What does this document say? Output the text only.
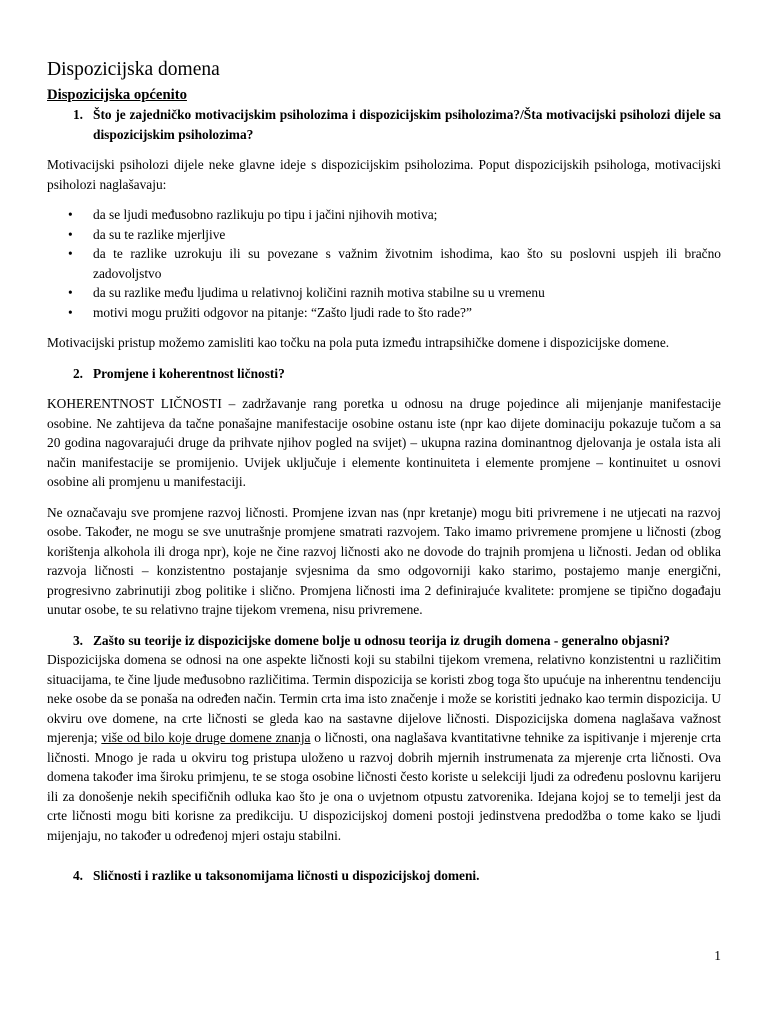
Dispozicijska domena
Dispozicijska općenito
1. Što je zajedničko motivacijskim psiholozima i dispozicijskim psiholozima?/Šta motivacijski psiholozi dijele sa dispozicijskim psiholozima?

Motivacijski psiholozi dijele neke glavne ideje s dispozicijskim psiholozima. Poput dispozicijskih psihologa, motivacijski psiholozi naglašavaju:

• da se ljudi međusobno razlikuju po tipu i jačini njihovih motiva;
• da su te razlike mjerljive
• da te razlike uzrokuju ili su povezane s važnim životnim ishodima, kao što su poslovni uspjeh ili bračno zadovoljstvo
• da su razlike među ljudima u relativnoj količini raznih motiva stabilne su u vremenu
• motivi mogu pružiti odgovor na pitanje: “Zašto ljudi rade to što rade?”

Motivacijski pristup možemo zamisliti kao točku na pola puta između intrapsihičke domene i dispozicijske domene.

2. Promjene i koherentnost ličnosti?

KOHERENTNOST LIČNOSTI – zadržavanje rang poretka u odnosu na druge pojedince ali mijenjanje manifestacije osobine. Ne zahtijeva da tačne ponašajne manifestacije osobine ostanu iste (npr kao dijete dominaciju pokazuje tučom a sa 20 godina nagovarajući druge da prihvate njihov pogled na svijet) – ukupna razina dominantnog djelovanja je ostala ista ali način manifestacije se promijenio. Uvijek uključuje i elemente kontinuiteta i elemente promjene – kontinuitet u osnovi osobine ali promjenu u manifestaciji.

Ne označavaju sve promjene razvoj ličnosti. Promjene izvan nas (npr kretanje) mogu biti privremene i ne utjecati na razvoj osobe. Također, ne mogu se sve unutrašnje promjene smatrati razvojem. Tako imamo privremene promjene u ličnosti (zbog korištenja alkohola ili droga npr), koje ne čine razvoj ličnosti ako ne dovode do trajnih promjena u ličnosti. Jedan od oblika razvoja ličnosti – konzistentno postajanje svjesnima da smo odgovorniji kako starimo, postajemo manje energični, progresivno zabrinutiji zbog politike i slično. Promjena ličnosti ima 2 definirajuće kvalitete: promjene se tipično događaju unutar osobe, te su relativno trajne tijekom vremena, nisu privremene.

3. Zašto su teorije iz dispozicijske domene bolje u odnosu teorija iz drugih domena - generalno objasni?

Dispozicijska domena se odnosi na one aspekte ličnosti koji su stabilni tijekom vremena, relativno konzistentni u različitim situacijama, te čine ljude međusobno različitima. Termin dispozicija se koristi zbog toga što upućuje na inherentnu tendenciju neke osobe da se ponaša na određen način. Termin crta ima isto značenje i može se koristiti jednako kao termin dispozicija. U okviru ove domene, na crte ličnosti se gleda kao na sastavne dijelove ličnosti. Dispozicijska domena naglašava važnost mjerenja; više od bilo koje druge domene znanja o ličnosti, ona naglašava kvantitativne tehnike za ispitivanje i mjerenje crta ličnosti. Mnogo je rada u okviru tog pristupa uloženo u razvoj dobrih mjernih instrumenata za mjerenje crta ličnosti. Ova domena također ima široku primjenu, te se stoga osobine ličnosti često koriste u selekciji ljudi za određenu poslovnu karijeru ili za donošenje nekih specifičnih odluka kao što je ona o uvjetnom otpustu zatvorenika. Idejana kojoj se to temelji jest da crte ličnosti mogu biti korisne za predikciju. U dispozicijskoj domeni postoji jedinstvena predodžba o tome kako se ljudi mijenjaju, no također u određenoj mjeri ostaju stabilni.

4. Sličnosti i razlike u taksonomijama ličnosti u dispozicijskoj domeni.
1
